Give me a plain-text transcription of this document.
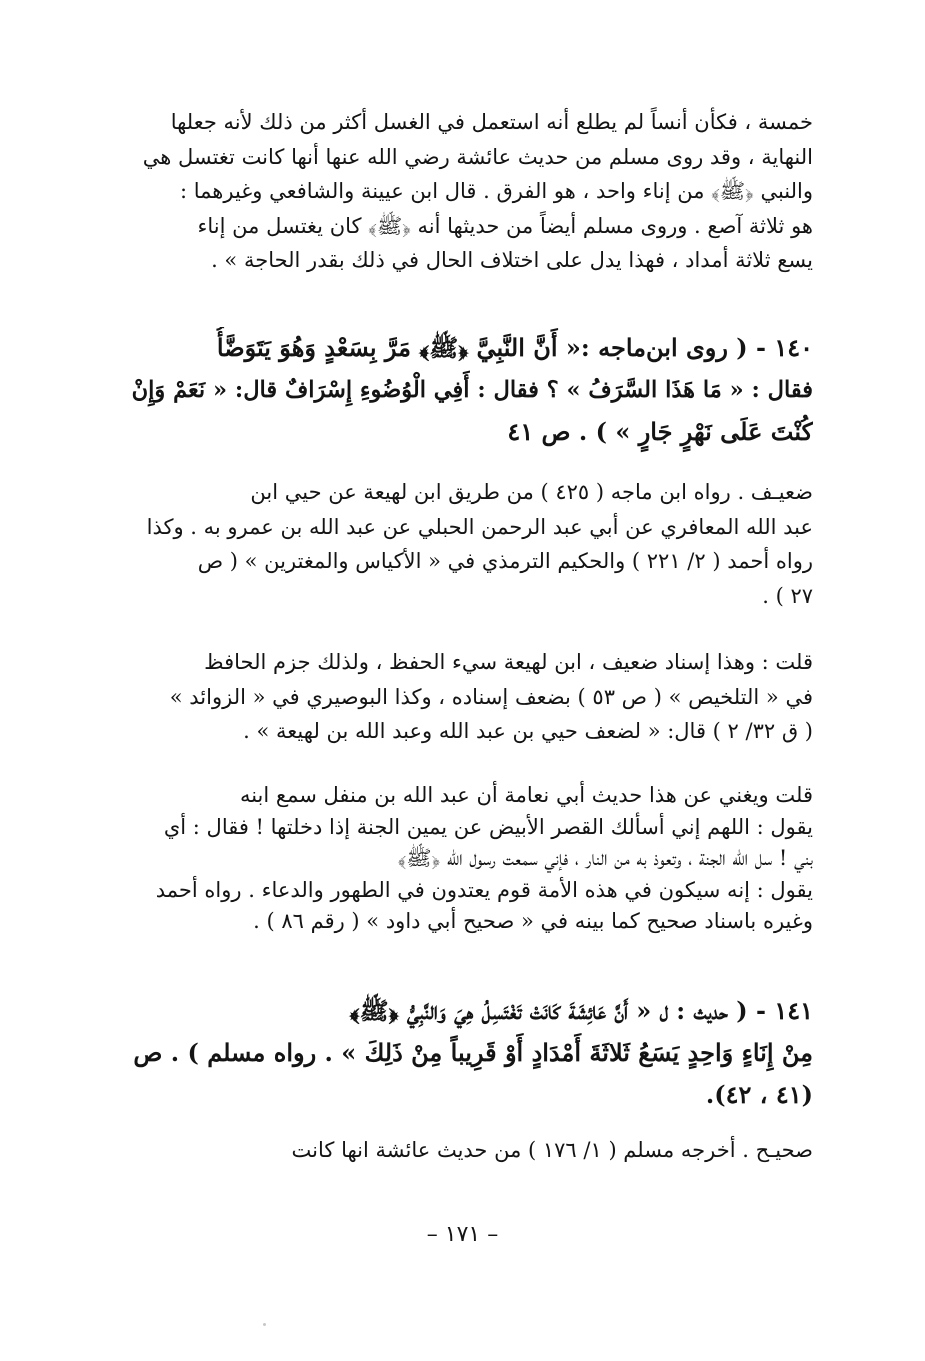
خمسة ، فكأن أنساً لم يطلع أنه استعمل في الغسل أكثر من ذلك لأنه جعلها
النهاية ، وقد روى مسلم من حديث عائشة رضي الله عنها أنها كانت تغتسل هي
والنبي ﴿ﷺ﴾ من إناء واحد ، هو الفرق . قال ابن عيينة والشافعي وغيرهما :
هو ثلاثة آصع . وروى مسلم أيضاً من حديثها أنه ﴿ﷺ﴾ كان يغتسل من إناء
يسع ثلاثة أمداد ، فهذا يدل على اختلاف الحال في ذلك بقدر الحاجة » .
١٤٠ - ( روى ابن‌ماجه :« أَنَّ النَّبِيَّ ﴿ﷺ﴾ مَرَّ بِسَعْدٍ وَهُوَ يَتَوَضَّأُ
فقال : « مَا هَذَا السَّرَفُ » ؟ فقال : أَفِي الْوُضُوءِ إِسْرَافٌ قال: « نَعَمْ وَإِنْ
كُنْتَ عَلَى نَهْرٍ جَارٍ » ) . ص ٤١
ضعيـف . رواه ابن ماجه ( ٤٢٥ ) من طريق ابن لهيعة عن حيي ابن
عبد الله المعافري عن أبي عبد الرحمن الحبلي عن عبد الله بن عمرو به . وكذا
رواه أحمد ( ٢/ ٢٢١ ) والحكيم الترمذي في « الأكياس والمغترين » ( ص
٢٧ ) .
قلت : وهذا إسناد ضعيف ، ابن لهيعة سيء الحفظ ، ولذلك جزم الحافظ
في « التلخيص » ( ص ٥٣ ) بضعف إسناده ، وكذا البوصيري في « الزوائد »
( ق ٣٢/ ٢ ) قال: « لضعف حيي بن عبد الله وعبد الله بن لهيعة » .
قلت ويغني عن هذا حديث أبي نعامة أن عبد الله بن منفل سمع ابنه
يقول : اللهم إني أسألك القصر الأبيض عن يمين الجنة إذا دخلتها ! فقال : أي
بني ! سل الله الجنة ، وتعوذ به من النار ، فإني سمعت رسول الله ﴿ﷺ﴾
يقول : إنه سيكون في هذه الأمة قوم يعتدون في الطهور والدعاء . رواه أحمد
وغيره باسناد صحيح كما بينه في « صحيح أبي داود » ( رقم ٨٦ ) .
١٤١ - ( حديث : ل « أَنَّ عَائِشَةَ كَانَتْ تَغْتَسِلُ هِيَ وَالنَّبِيُّ ﴿ﷺ﴾
مِنْ إِنَاءٍ وَاحِدٍ يَسَعُ ثَلاثَةَ أَمْدَادٍ أَوْ قَرِيباً مِنْ ذَلِكَ » . رواه مسلم ) . ص
(٤١ ، ٤٢).
صحيـح . أخرجه مسلم ( ١/ ١٧٦ ) من حديث عائشة انها كانت
– ١٧١ –
